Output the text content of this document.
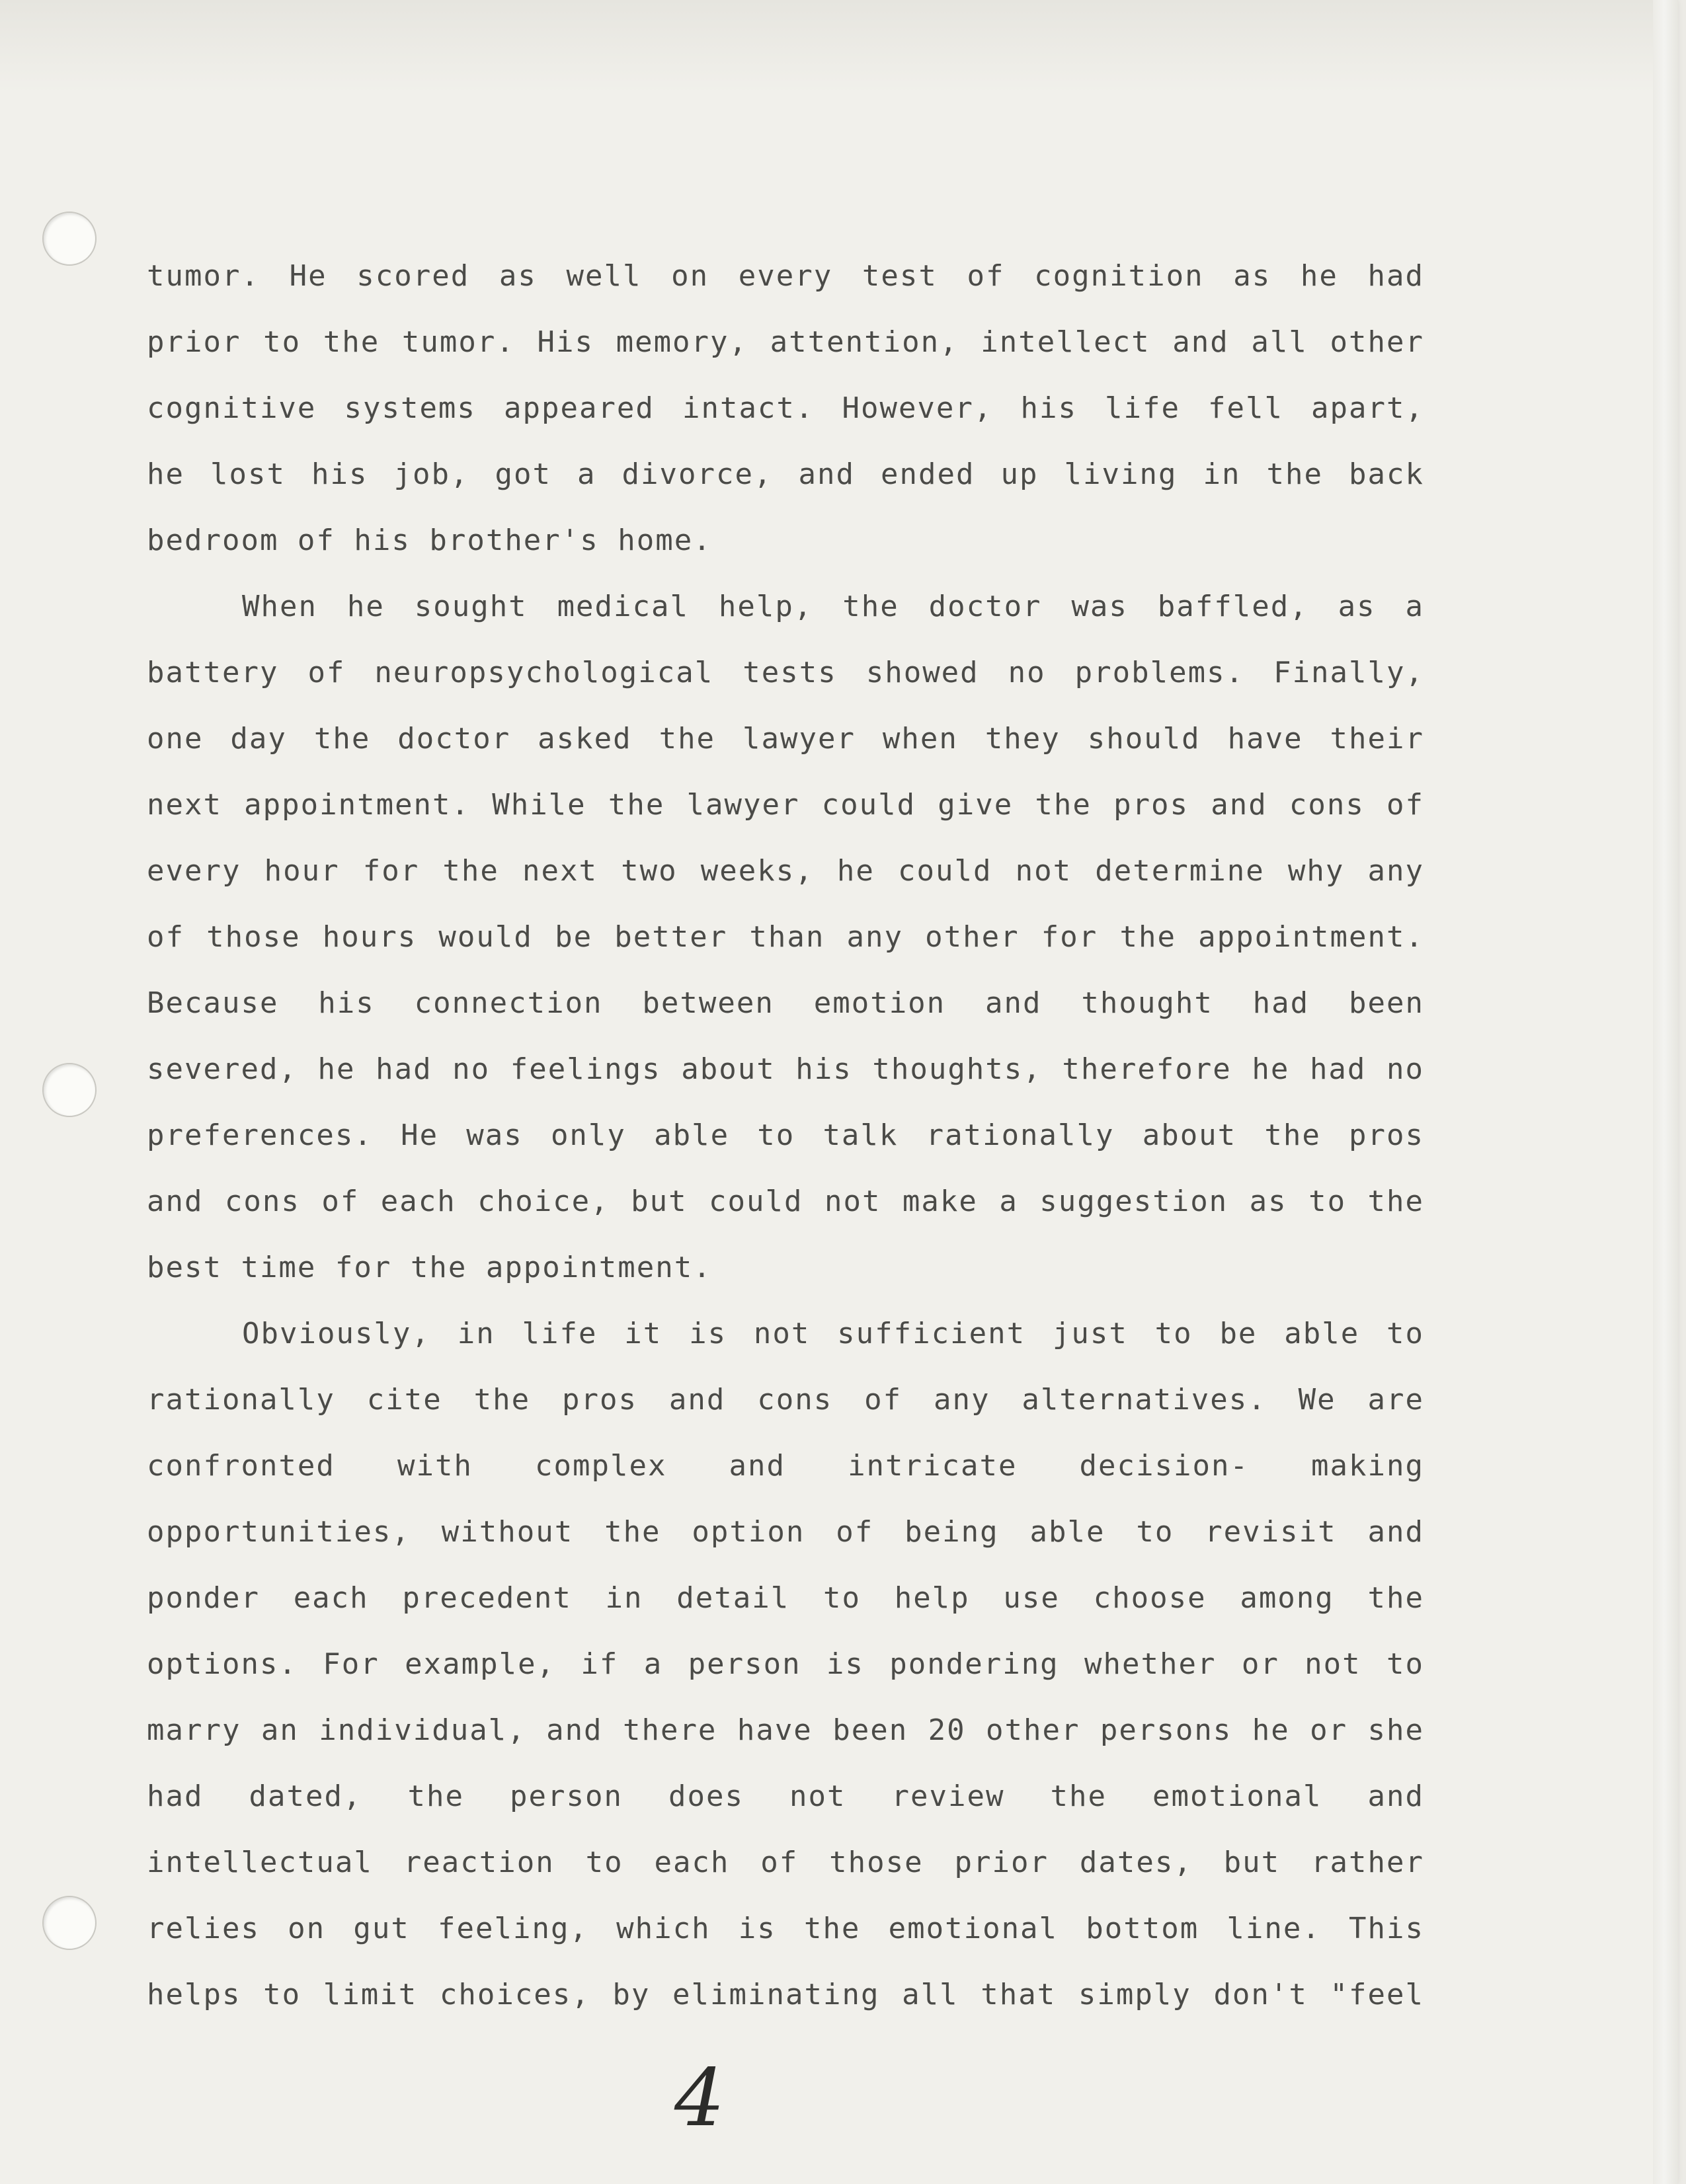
tumor. He scored as well on every test of cognition as he had
prior to the tumor. His memory, attention, intellect and all other
cognitive systems appeared intact. However, his life fell apart,
he lost his job, got a divorce, and ended up living in the back
bedroom of his brother's home.
When he sought medical help, the doctor was baffled, as a
battery of neuropsychological tests showed no problems. Finally,
one day the doctor asked the lawyer when they should have their
next appointment. While the lawyer could give the pros and cons of
every hour for the next two weeks, he could not determine why any
of those hours would be better than any other for the appointment.
Because his connection between emotion and thought had been
severed, he had no feelings about his thoughts, therefore he had no
preferences. He was only able to talk rationally about the pros
and cons of each choice, but could not make a suggestion as to the
best time for the appointment.
Obviously, in life it is not sufficient just to be able to
rationally cite the pros and cons of any alternatives. We are
confronted with complex and intricate decision- making
opportunities, without the option of being able to revisit and
ponder each precedent in detail to help use choose among the
options. For example, if a person is pondering whether or not to
marry an individual, and there have been 20 other persons he or she
had dated, the person does not review the emotional and
intellectual reaction to each of those prior dates, but rather
relies on gut feeling, which is the emotional bottom line. This
helps to limit choices, by eliminating all that simply don't "feel
4
